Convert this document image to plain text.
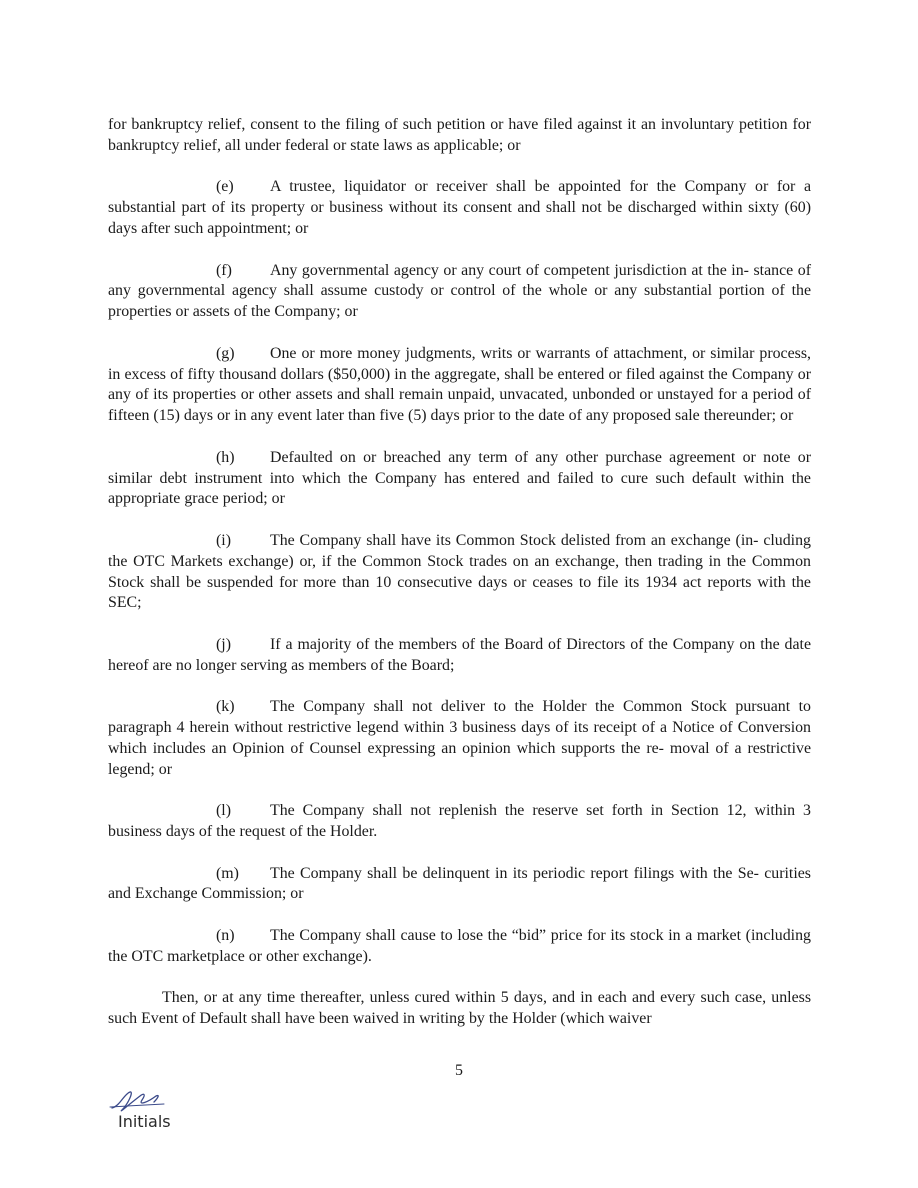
for bankruptcy relief, consent to the filing of such petition or have filed against it an involuntary petition for bankruptcy relief, all under federal or state laws as applicable; or

(e) A trustee, liquidator or receiver shall be appointed for the Company or for a substantial part of its property or business without its consent and shall not be discharged within sixty (60) days after such appointment; or

(f) Any governmental agency or any court of competent jurisdiction at the in- stance of any governmental agency shall assume custody or control of the whole or any substantial portion of the properties or assets of the Company; or

(g) One or more money judgments, writs or warrants of attachment, or similar process, in excess of fifty thousand dollars ($50,000) in the aggregate, shall be entered or filed against the Company or any of its properties or other assets and shall remain unpaid, unvacated, unbonded or unstayed for a period of fifteen (15) days or in any event later than five (5) days prior to the date of any proposed sale thereunder; or

(h) Defaulted on or breached any term of any other purchase agreement or note or similar debt instrument into which the Company has entered and failed to cure such default within the appropriate grace period; or

(i) The Company shall have its Common Stock delisted from an exchange (in- cluding the OTC Markets exchange) or, if the Common Stock trades on an exchange, then trading in the Common Stock shall be suspended for more than 10 consecutive days or ceases to file its 1934 act reports with the SEC;

(j) If a majority of the members of the Board of Directors of the Company on the date hereof are no longer serving as members of the Board;

(k) The Company shall not deliver to the Holder the Common Stock pursuant to paragraph 4 herein without restrictive legend within 3 business days of its receipt of a Notice of Conversion which includes an Opinion of Counsel expressing an opinion which supports the re- moval of a restrictive legend; or

(l) The Company shall not replenish the reserve set forth in Section 12, within 3 business days of the request of the Holder.

(m) The Company shall be delinquent in its periodic report filings with the Se- curities and Exchange Commission; or

(n) The Company shall cause to lose the “bid” price for its stock in a market (including the OTC marketplace or other exchange).

Then, or at any time thereafter, unless cured within 5 days, and in each and every such case, unless such Event of Default shall have been waived in writing by the Holder (which waiver

5
Initials
